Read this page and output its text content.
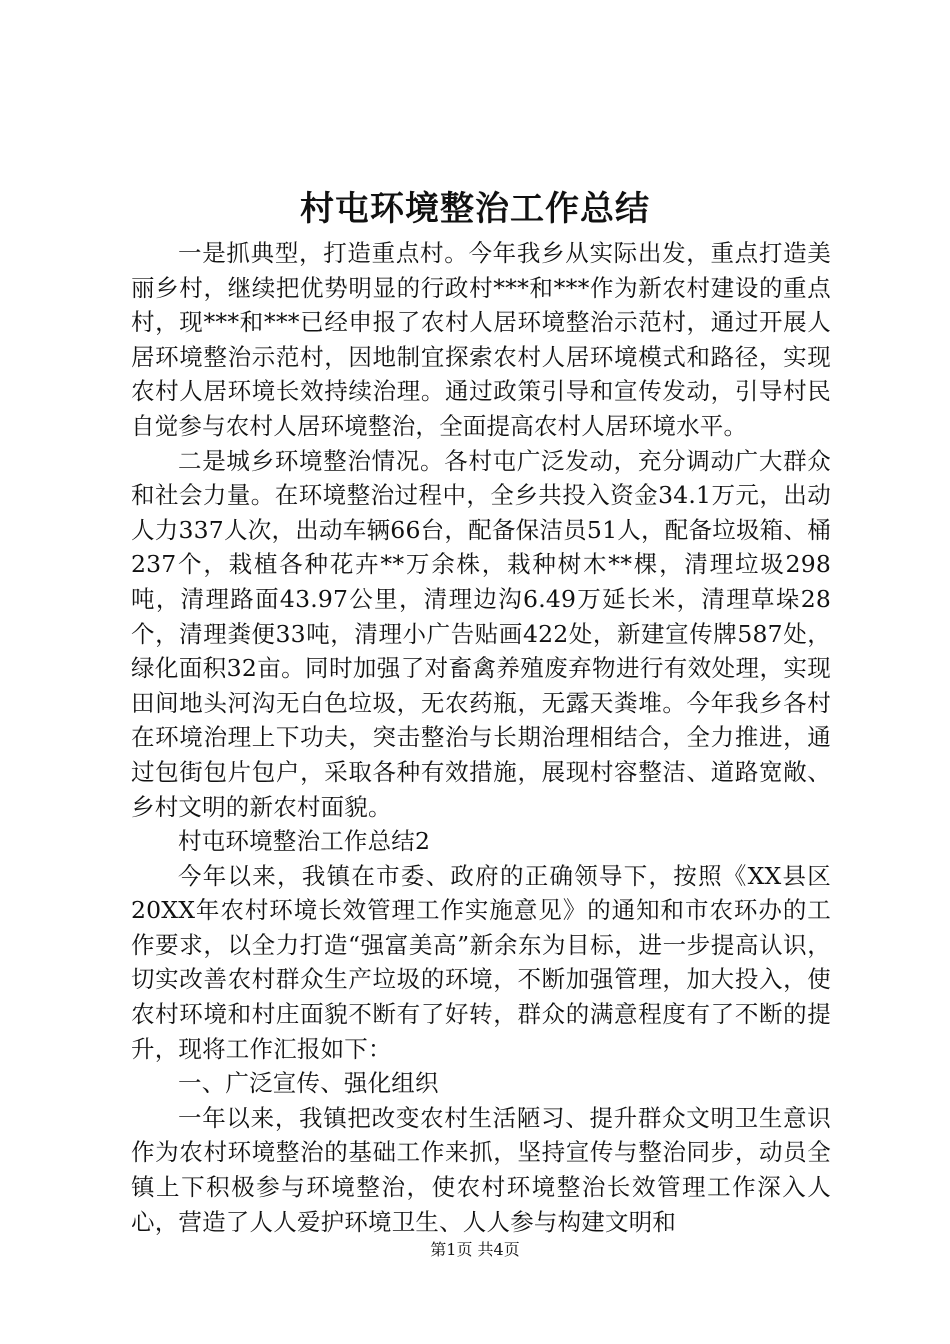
村屯环境整治工作总结

一是抓典型，打造重点村。今年我乡从实际出发，重点打造美丽乡村，继续把优势明显的行政村***和***作为新农村建设的重点村，现***和***已经申报了农村人居环境整治示范村，通过开展人居环境整治示范村，因地制宜探索农村人居环境模式和路径，实现农村人居环境长效持续治理。通过政策引导和宣传发动，引导村民自觉参与农村人居环境整治，全面提高农村人居环境水平。

二是城乡环境整治情况。各村屯广泛发动，充分调动广大群众和社会力量。在环境整治过程中，全乡共投入资金34.1万元，出动人力337人次，出动车辆66台，配备保洁员51人，配备垃圾箱、桶237个，栽植各种花卉**万余株，栽种树木**棵，清理垃圾298吨，清理路面43.97公里，清理边沟6.49万延长米，清理草垛28个，清理粪便33吨，清理小广告贴画422处，新建宣传牌587处，绿化面积32亩。同时加强了对畜禽养殖废弃物进行有效处理，实现田间地头河沟无白色垃圾，无农药瓶，无露天粪堆。今年我乡各村在环境治理上下功夫，突击整治与长期治理相结合，全力推进，通过包街包片包户，采取各种有效措施，展现村容整洁、道路宽敞、乡村文明的新农村面貌。

村屯环境整治工作总结2

今年以来，我镇在市委、政府的正确领导下，按照《XX县区20XX年农村环境长效管理工作实施意见》的通知和市农环办的工作要求，以全力打造“强富美高”新余东为目标，进一步提高认识，切实改善农村群众生产垃圾的环境，不断加强管理，加大投入，使农村环境和村庄面貌不断有了好转，群众的满意程度有了不断的提升，现将工作汇报如下：

一、广泛宣传、强化组织

一年以来，我镇把改变农村生活陋习、提升群众文明卫生意识作为农村环境整治的基础工作来抓，坚持宣传与整治同步，动员全镇上下积极参与环境整治，使农村环境整治长效管理工作深入人心，营造了人人爱护环境卫生、人人参与构建文明和

第1页 共4页
